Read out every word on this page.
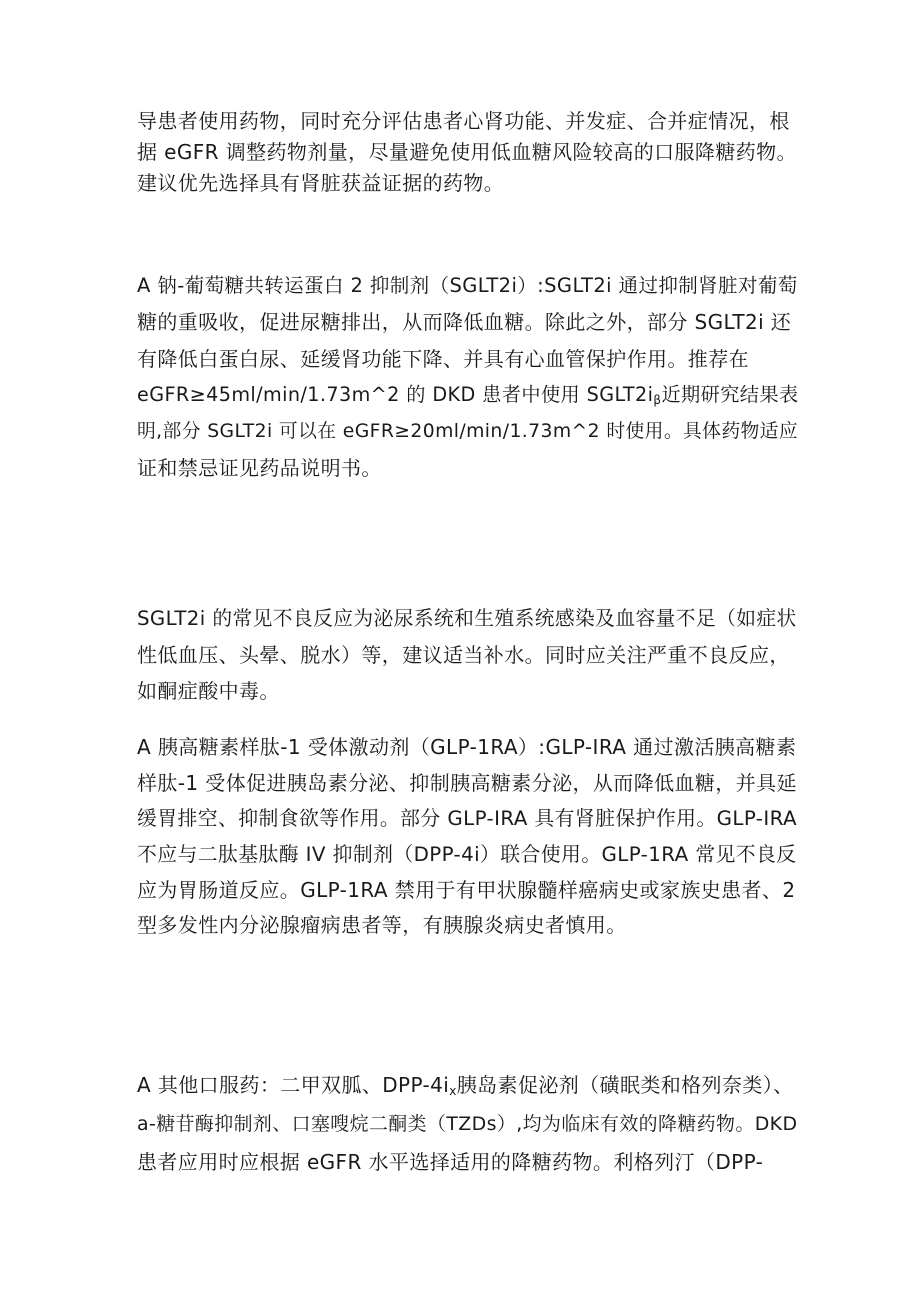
导患者使用药物，同时充分评估患者心肾功能、并发症、合并症情况，根
据 eGFR 调整药物剂量，尽量避免使用低血糖风险较高的口服降糖药物。
建议优先选择具有肾脏获益证据的药物。
A 钠-葡萄糖共转运蛋白 2 抑制剂（SGLT2i）:SGLT2i 通过抑制肾脏对葡萄
糖的重吸收，促进尿糖排出，从而降低血糖。除此之外，部分 SGLT2i 还
有降低白蛋白尿、延缓肾功能下降、并具有心血管保护作用。推荐在
eGFR≥45ml/min/1.73m^2 的 DKD 患者中使用 $SGLT2i_\beta$近期研究结果表
明,部分 SGLT2i 可以在 eGFR≥20ml/min/1.73m^2 时使用。具体药物适应
证和禁忌证见药品说明书。
SGLT2i 的常见不良反应为泌尿系统和生殖系统感染及血容量不足（如症状
性低血压、头晕、脱水）等，建议适当补水。同时应关注严重不良反应，
如酮症酸中毒。
A 胰高糖素样肽-1 受体激动剂（GLP-1RA）:GLP-IRA 通过激活胰高糖素
样肽-1 受体促进胰岛素分泌、抑制胰高糖素分泌，从而降低血糖，并具延
缓胃排空、抑制食欲等作用。部分 GLP-IRA 具有肾脏保护作用。GLP-IRA
不应与二肽基肽酶 IV 抑制剂（DPP-4i）联合使用。GLP-1RA 常见不良反
应为胃肠道反应。GLP-1RA 禁用于有甲状腺髓样癌病史或家族史患者、2
型多发性内分泌腺瘤病患者等，有胰腺炎病史者慎用。
A 其他口服药：二甲双胍、DPP-$4i_x$胰岛素促泌剂（磺眠类和格列奈类）、
a-糖苷酶抑制剂、口塞嗖烷二酮类（TZDs）,均为临床有效的降糖药物。DKD
患者应用时应根据 eGFR 水平选择适用的降糖药物。利格列汀（DPP-
